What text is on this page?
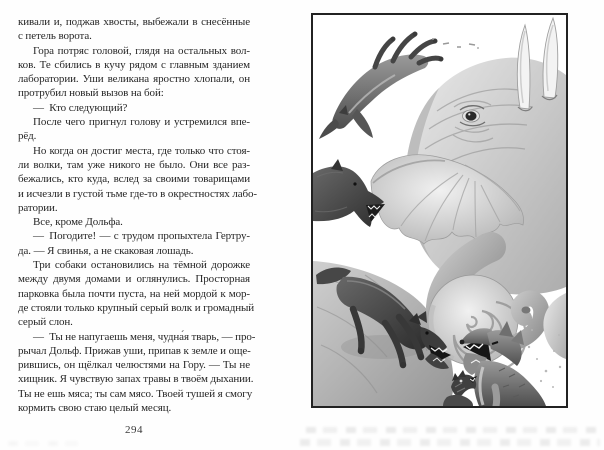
кивали и, поджав хвосты, выбежали в снесённые
с петель ворота.
Гора потряс головой, глядя на остальных вол-
ков. Те сбились в кучу рядом с главным зданием
лаборатории. Уши великана яростно хлопали, он
протрубил новый вызов на бой:
— Кто следующий?
После чего пригнул голову и устремился впе-
рёд.
Но когда он достиг места, где только что стоя-
ли волки, там уже никого не было. Они все раз-
бежались, кто куда, вслед за своими товарищами
и исчезли в густой тьме где-то в окрестностях лабо-
ратории.
Все, кроме Дольфа.
— Погодите! — с трудом пропыхтела Гертру-
да. — Я свинья, а не скаковая лошадь.
Три собаки остановились на тёмной дорожке
между двумя домами и оглянулись. Просторная
парковка была почти пуста, на ней мордой к мор-
де стояли только крупный серый волк и громадный
серый слон.
— Ты не напугаешь меня, чудна́я тварь, — про-
рычал Дольф. Прижав уши, припав к земле и още-
рившись, он щёлкал челюстями на Гору. — Ты не
хищник. Я чувствую запах травы в твоём дыхании.
Ты не ешь мяса; ты сам мясо. Твоей тушей я смогу
кормить свою стаю целый месяц.
294
